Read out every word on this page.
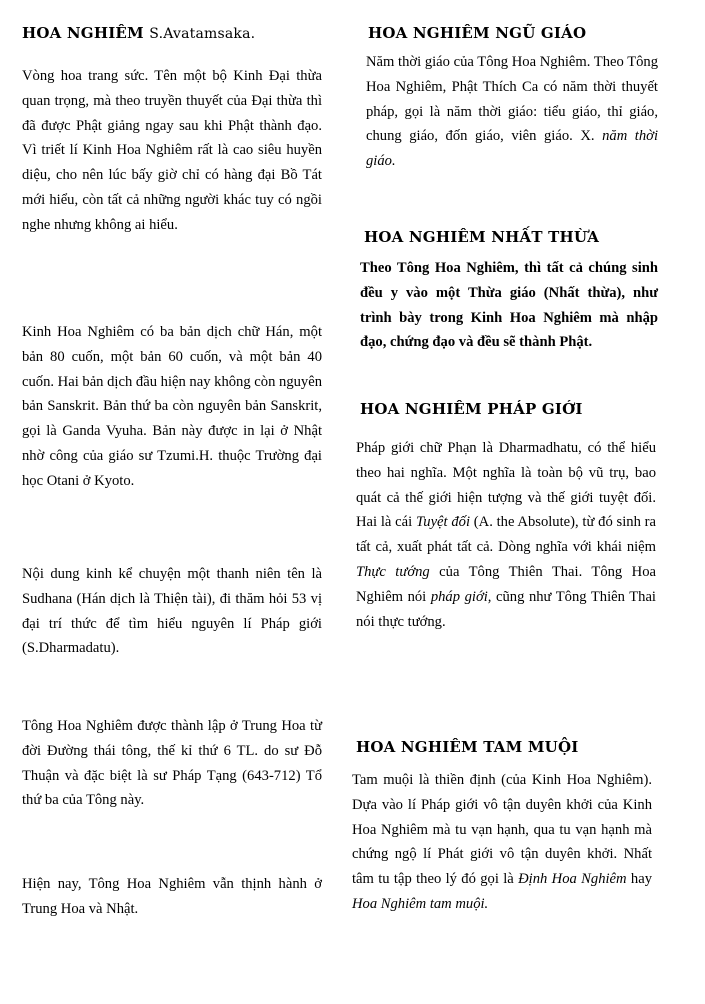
HOA NGHIÊM S.Avatamsaka.

Vòng hoa trang sức. Tên một bộ Kinh Đại thừa quan trọng, mà theo truyền thuyết của Đại thừa thì đã được Phật giảng ngay sau khi Phật thành đạo. Vì triết lí Kinh Hoa Nghiêm rất là cao siêu huyền diệu, cho nên lúc bấy giờ chỉ có hàng đại Bồ Tát mới hiểu, còn tất cả những người khác tuy có ngồi nghe nhưng không ai hiểu.

Kinh Hoa Nghiêm có ba bản dịch chữ Hán, một bản 80 cuốn, một bản 60 cuốn, và một bản 40 cuốn. Hai bản dịch đầu hiện nay không còn nguyên bản Sanskrit. Bản thứ ba còn nguyên bản Sanskrit, gọi là Ganda Vyuha. Bản này được in lại ở Nhật nhờ công của giáo sư Tzumi.H. thuộc Trường đại học Otani ở Kyoto.

Nội dung kinh kể chuyện một thanh niên tên là Sudhana (Hán dịch là Thiện tài), đi thăm hỏi 53 vị đại trí thức để tìm hiểu nguyên lí Pháp giới (S.Dharmadatu).

Tông Hoa Nghiêm được thành lập ở Trung Hoa từ đời Đường thái tông, thế kỉ thứ 6 TL. do sư Đỗ Thuận và đặc biệt là sư Pháp Tạng (643-712) Tổ thứ ba của Tông này.

Hiện nay, Tông Hoa Nghiêm vẫn thịnh hành ở Trung Hoa và Nhật.

HOA NGHIÊM NGŨ GIÁO

Năm thời giáo của Tông Hoa Nghiêm. Theo Tông Hoa Nghiêm, Phật Thích Ca có năm thời thuyết pháp, gọi là năm thời giáo: tiểu giáo, thỉ giáo, chung giáo, đốn giáo, viên giáo. X. năm thời giáo.

HOA NGHIÊM NHẤT THỪA

Theo Tông Hoa Nghiêm, thì tất cả chúng sinh đều y vào một Thừa giáo (Nhất thừa), như trình bày trong Kinh Hoa Nghiêm mà nhập đạo, chứng đạo và đều sẽ thành Phật.

HOA NGHIÊM PHÁP GIỚI

Pháp giới chữ Phạn là Dharmadhatu, có thể hiểu theo hai nghĩa. Một nghĩa là toàn bộ vũ trụ, bao quát cả thế giới hiện tượng và thế giới tuyệt đối. Hai là cái Tuyệt đối (A. the Absolute), từ đó sinh ra tất cả, xuất phát tất cả. Dòng nghĩa với khái niệm Thực tướng của Tông Thiên Thai. Tông Hoa Nghiêm nói pháp giới, cũng như Tông Thiên Thai nói thực tướng.

HOA NGHIÊM TAM MUỘI

Tam muội là thiền định (của Kinh Hoa Nghiêm). Dựa vào lí Pháp giới vô tận duyên khởi của Kinh Hoa Nghiêm mà tu vạn hạnh, qua tu vạn hạnh mà chứng ngộ lí Phát giới vô tận duyên khởi. Nhất tâm tu tập theo lý đó gọi là Định Hoa Nghiêm hay Hoa Nghiêm tam muội.
